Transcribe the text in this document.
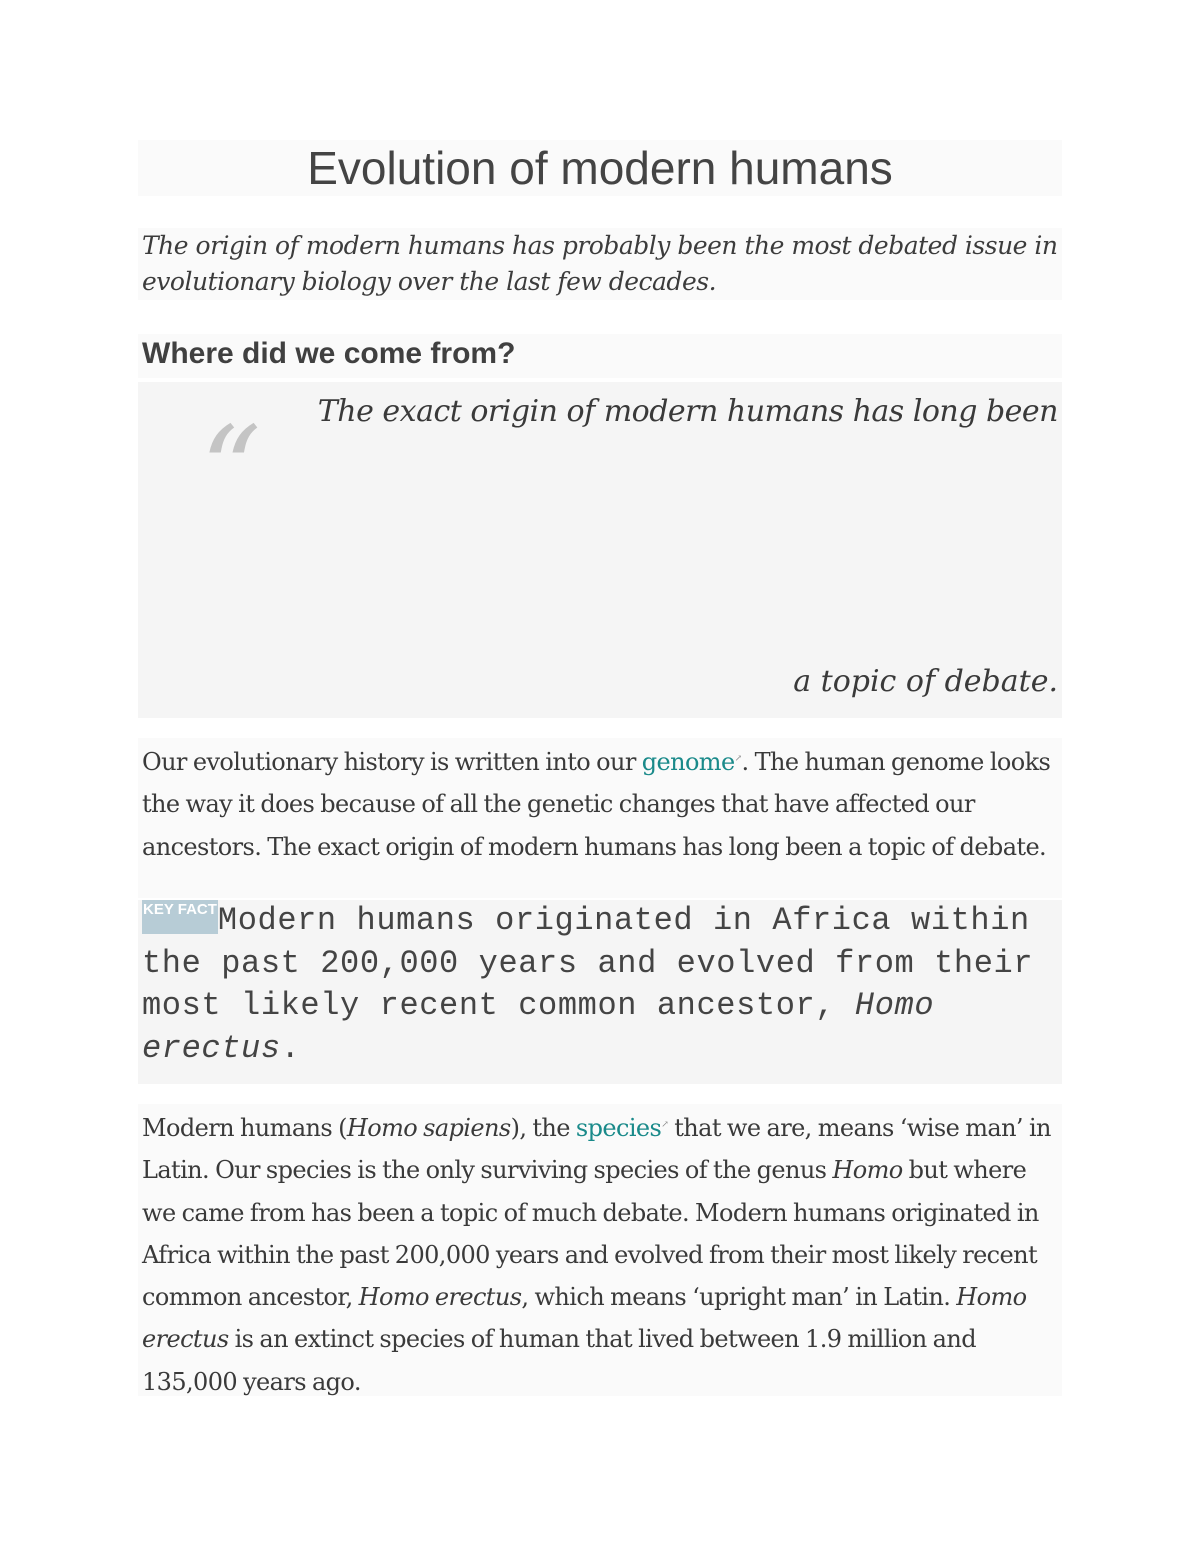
Evolution of modern humans

The origin of modern humans has probably been the most debated issue in evolutionary biology over the last few decades.

Where did we come from?
“ The exact origin of modern humans has long been
a topic of debate.

Our evolutionary history is written into our genome↗. The human genome looks the way it does because of all the genetic changes that have affected our ancestors. The exact origin of modern humans has long been a topic of debate.

KEY FACTModern humans originated in Africa within the past 200,000 years and evolved from their most likely recent common ancestor, Homo erectus.

Modern humans (Homo sapiens), the species↗ that we are, means ‘wise man’ in Latin. Our species is the only surviving species of the genus Homo but where we came from has been a topic of much debate. Modern humans originated in Africa within the past 200,000 years and evolved from their most likely recent common ancestor, Homo erectus, which means ‘upright man’ in Latin. Homo erectus is an extinct species of human that lived between 1.9 million and 135,000 years ago.
